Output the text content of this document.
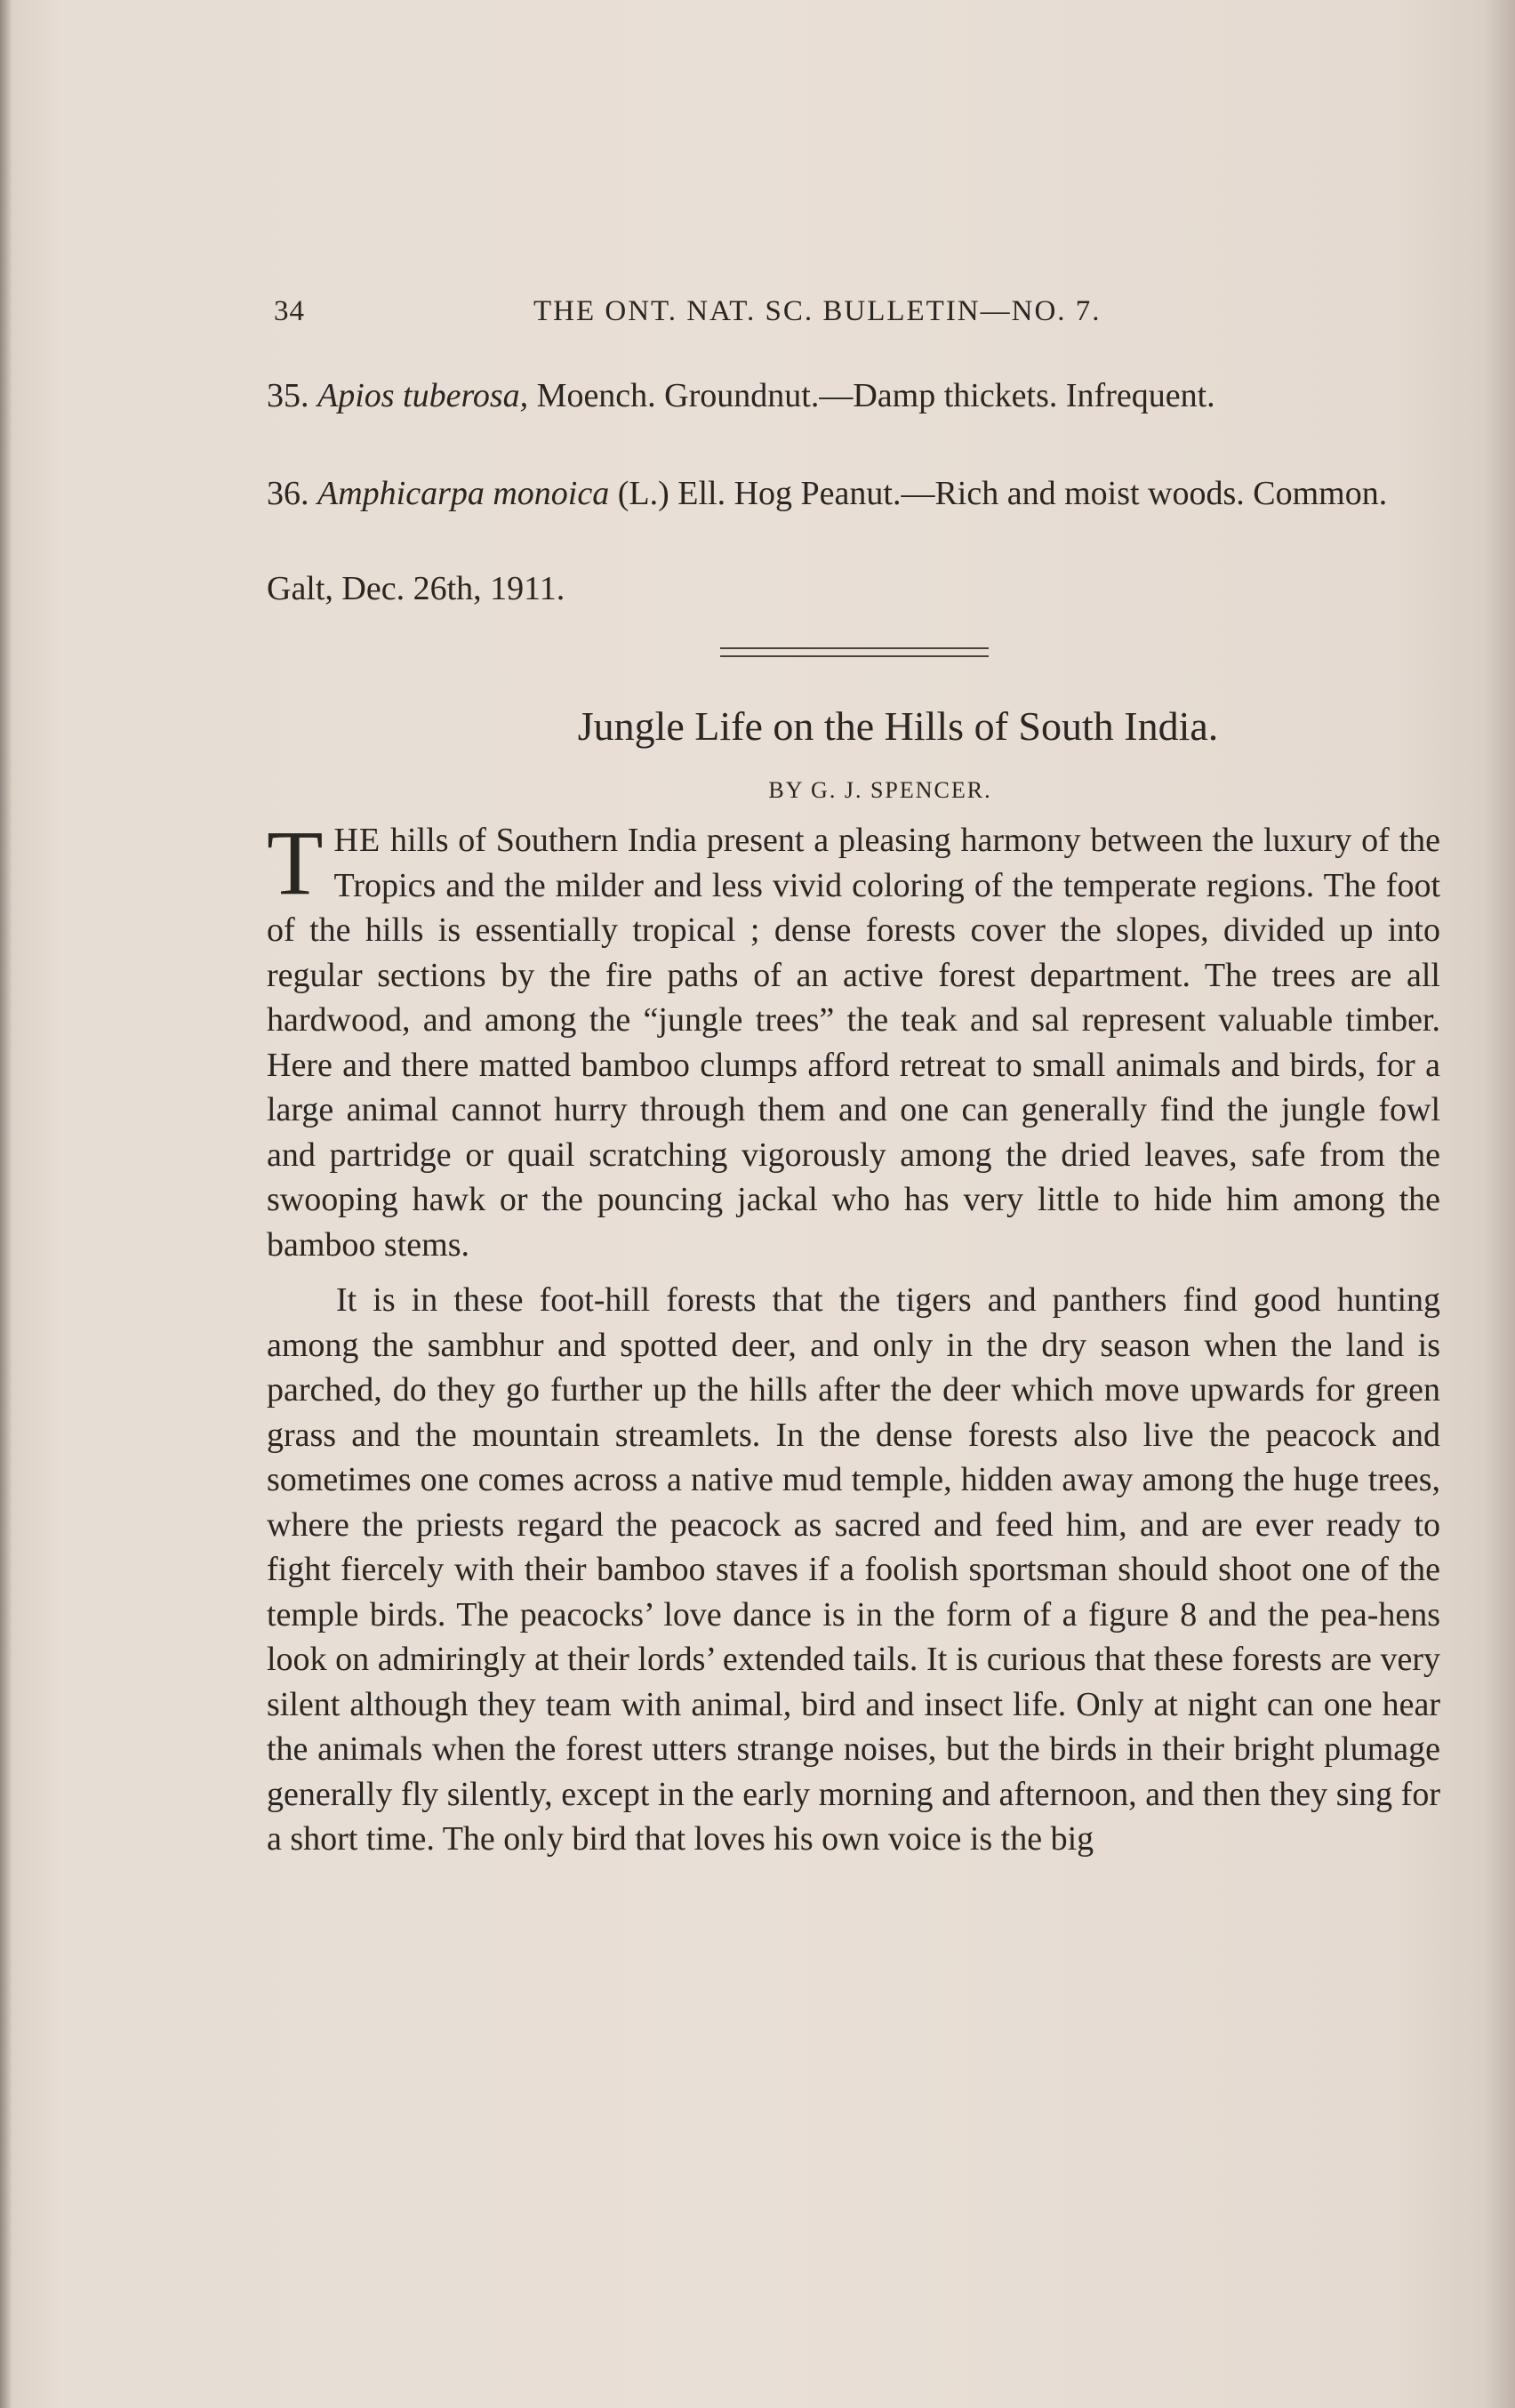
34	THE ONT. NAT. SC. BULLETIN—NO. 7.
35. Apios tuberosa, Moench. Groundnut.—Damp thickets. Infrequent.
36. Amphicarpa monoica (L.) Ell. Hog Peanut.—Rich and moist woods. Common.
Galt, Dec. 26th, 1911.
Jungle Life on the Hills of South India.
BY G. J. SPENCER.

THE hills of Southern India present a pleasing harmony between the luxury of the Tropics and the milder and less vivid coloring of the temperate regions. The foot of the hills is essentially tropical ; dense forests cover the slopes, divided up into regular sections by the fire paths of an active forest department. The trees are all hardwood, and among the “jungle trees” the teak and sal represent valuable timber. Here and there matted bamboo clumps afford retreat to small animals and birds, for a large animal cannot hurry through them and one can generally find the jungle fowl and partridge or quail scratching vigorously among the dried leaves, safe from the swooping hawk or the pouncing jackal who has very little to hide him among the bamboo stems.

It is in these foot-hill forests that the tigers and panthers find good hunting among the sambhur and spotted deer, and only in the dry season when the land is parched, do they go further up the hills after the deer which move upwards for green grass and the mountain streamlets. In the dense forests also live the peacock and sometimes one comes across a native mud temple, hidden away among the huge trees, where the priests regard the peacock as sacred and feed him, and are ever ready to fight fiercely with their bamboo staves if a foolish sportsman should shoot one of the temple birds. The peacocks’ love dance is in the form of a figure 8 and the pea-hens look on admiringly at their lords’ extended tails. It is curious that these forests are very silent although they team with animal, bird and insect life. Only at night can one hear the animals when the forest utters strange noises, but the birds in their bright plumage generally fly silently, except in the early morning and afternoon, and then they sing for a short time. The only bird that loves his own voice is the big
